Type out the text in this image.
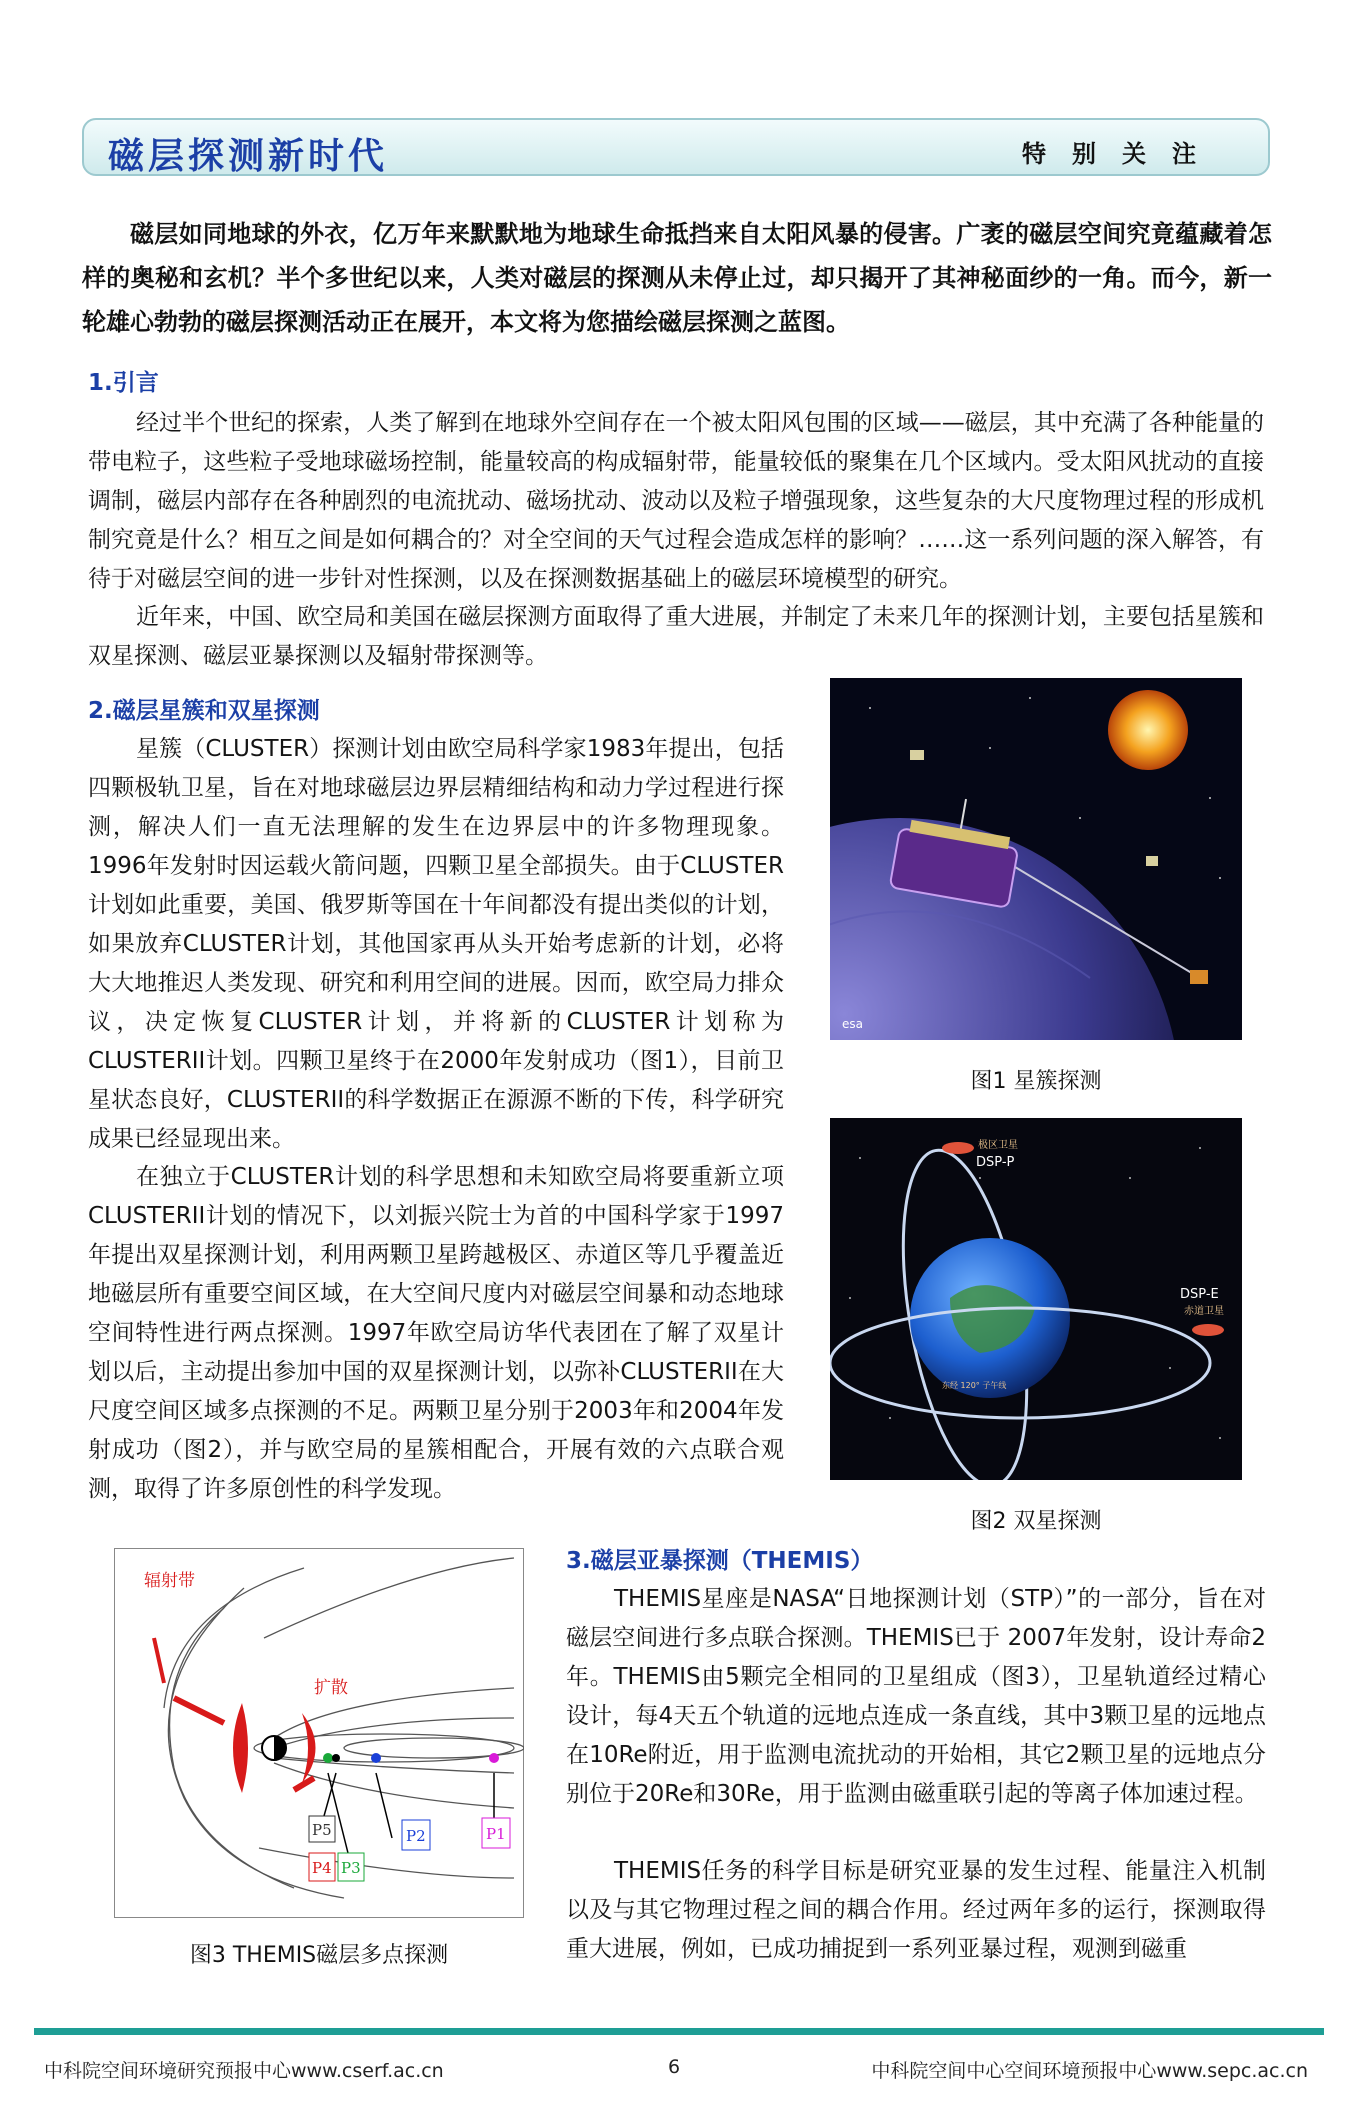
磁层探测新时代	特别关注
磁层如同地球的外衣，亿万年来默默地为地球生命抵挡来自太阳风暴的侵害。广袤的磁层空间究竟蕴藏着怎样的奥秘和玄机？半个多世纪以来，人类对磁层的探测从未停止过，却只揭开了其神秘面纱的一角。而今，新一轮雄心勃勃的磁层探测活动正在展开，本文将为您描绘磁层探测之蓝图。
1.引言
经过半个世纪的探索，人类了解到在地球外空间存在一个被太阳风包围的区域——磁层，其中充满了各种能量的带电粒子，这些粒子受地球磁场控制，能量较高的构成辐射带，能量较低的聚集在几个区域内。受太阳风扰动的直接调制，磁层内部存在各种剧烈的电流扰动、磁场扰动、波动以及粒子增强现象，这些复杂的大尺度物理过程的形成机制究竟是什么？相互之间是如何耦合的？对全空间的天气过程会造成怎样的影响？……这一系列问题的深入解答，有待于对磁层空间的进一步针对性探测，以及在探测数据基础上的磁层环境模型的研究。
近年来，中国、欧空局和美国在磁层探测方面取得了重大进展，并制定了未来几年的探测计划，主要包括星簇和双星探测、磁层亚暴探测以及辐射带探测等。
2.磁层星簇和双星探测
星簇（CLUSTER）探测计划由欧空局科学家1983年提出，包括四颗极轨卫星，旨在对地球磁层边界层精细结构和动力学过程进行探测，解决人们一直无法理解的发生在边界层中的许多物理现象。1996年发射时因运载火箭问题，四颗卫星全部损失。由于CLUSTER计划如此重要，美国、俄罗斯等国在十年间都没有提出类似的计划，如果放弃CLUSTER计划，其他国家再从头开始考虑新的计划，必将大大地推迟人类发现、研究和利用空间的进展。因而，欧空局力排众议，决定恢复CLUSTER计划，并将新的CLUSTER计划称为CLUSTERII计划。四颗卫星终于在2000年发射成功（图1），目前卫星状态良好，CLUSTERII的科学数据正在源源不断的下传，科学研究成果已经显现出来。
在独立于CLUSTER计划的科学思想和未知欧空局将要重新立项CLUSTERII计划的情况下，以刘振兴院士为首的中国科学家于1997年提出双星探测计划，利用两颗卫星跨越极区、赤道区等几乎覆盖近地磁层所有重要空间区域，在大空间尺度内对磁层空间暴和动态地球空间特性进行两点探测。1997年欧空局访华代表团在了解了双星计划以后，主动提出参加中国的双星探测计划，以弥补CLUSTERII在大尺度空间区域多点探测的不足。两颗卫星分别于2003年和2004年发射成功（图2），并与欧空局的星簇相配合，开展有效的六点联合观测，取得了许多原创性的科学发现。
esa
图1 星簇探测
极区卫星
DSP-P
DSP-E
赤道卫星
东经 120° 子午线
图2 双星探测
辐射带
扩散
P5
P4 P3
P2	P1
图3 THEMIS磁层多点探测
3.磁层亚暴探测（THEMIS）
THEMIS星座是NASA“日地探测计划（STP）”的一部分，旨在对磁层空间进行多点联合探测。THEMIS已于 2007年发射，设计寿命2年。THEMIS由5颗完全相同的卫星组成（图3），卫星轨道经过精心设计，每4天五个轨道的远地点连成一条直线，其中3颗卫星的远地点在10Re附近，用于监测电流扰动的开始相，其它2颗卫星的远地点分别位于20Re和30Re，用于监测由磁重联引起的等离子体加速过程。
THEMIS任务的科学目标是研究亚暴的发生过程、能量注入机制以及与其它物理过程之间的耦合作用。经过两年多的运行，探测取得重大进展，例如，已成功捕捉到一系列亚暴过程，观测到磁重
中科院空间环境研究预报中心www.cserf.ac.cn	6	中科院空间中心空间环境预报中心www.sepc.ac.cn
